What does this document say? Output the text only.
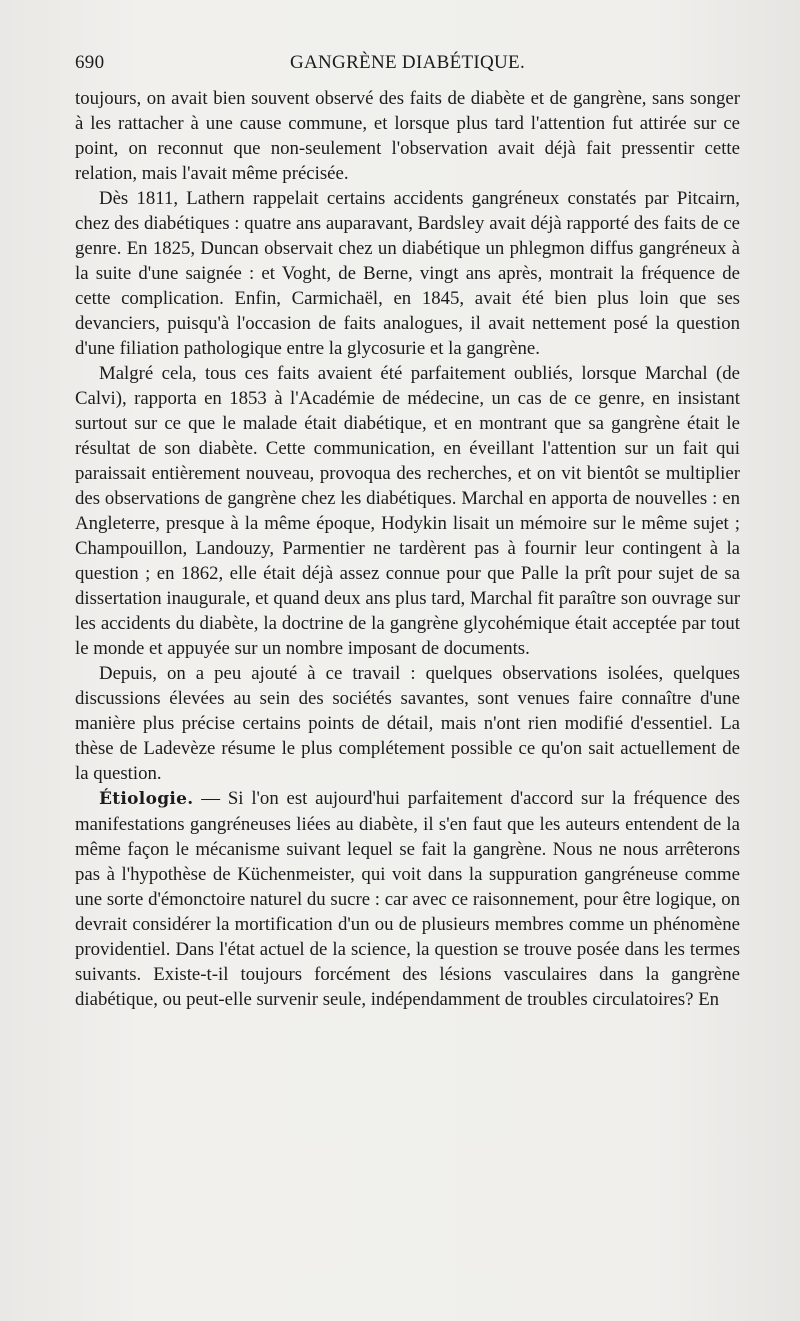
690	GANGRÈNE DIABÉTIQUE.

toujours, on avait bien souvent observé des faits de diabète et de gangrène, sans songer à les rattacher à une cause commune, et lorsque plus tard l'attention fut attirée sur ce point, on reconnut que non-seulement l'observation avait déjà fait pressentir cette relation, mais l'avait même précisée.

Dès 1811, Lathern rappelait certains accidents gangréneux constatés par Pitcairn, chez des diabétiques : quatre ans auparavant, Bardsley avait déjà rapporté des faits de ce genre. En 1825, Duncan observait chez un diabétique un phlegmon diffus gangréneux à la suite d'une saignée : et Voght, de Berne, vingt ans après, montrait la fréquence de cette complication. Enfin, Carmichaël, en 1845, avait été bien plus loin que ses devanciers, puisqu'à l'occasion de faits analogues, il avait nettement posé la question d'une filiation pathologique entre la glycosurie et la gangrène.

Malgré cela, tous ces faits avaient été parfaitement oubliés, lorsque Marchal (de Calvi), rapporta en 1853 à l'Académie de médecine, un cas de ce genre, en insistant surtout sur ce que le malade était diabétique, et en montrant que sa gangrène était le résultat de son diabète. Cette communication, en éveillant l'attention sur un fait qui paraissait entièrement nouveau, provoqua des recherches, et on vit bientôt se multiplier des observations de gangrène chez les diabétiques. Marchal en apporta de nouvelles : en Angleterre, presque à la même époque, Hodykin lisait un mémoire sur le même sujet ; Champouillon, Landouzy, Parmentier ne tardèrent pas à fournir leur contingent à la question ; en 1862, elle était déjà assez connue pour que Palle la prît pour sujet de sa dissertation inaugurale, et quand deux ans plus tard, Marchal fit paraître son ouvrage sur les accidents du diabète, la doctrine de la gangrène glycohémique était acceptée par tout le monde et appuyée sur un nombre imposant de documents.

Depuis, on a peu ajouté à ce travail : quelques observations isolées, quelques discussions élevées au sein des sociétés savantes, sont venues faire connaître d'une manière plus précise certains points de détail, mais n'ont rien modifié d'essentiel. La thèse de Ladevèze résume le plus complétement possible ce qu'on sait actuellement de la question.

Étiologie. — Si l'on est aujourd'hui parfaitement d'accord sur la fréquence des manifestations gangréneuses liées au diabète, il s'en faut que les auteurs entendent de la même façon le mécanisme suivant lequel se fait la gangrène. Nous ne nous arrêterons pas à l'hypothèse de Küchenmeister, qui voit dans la suppuration gangréneuse comme une sorte d'émonctoire naturel du sucre : car avec ce raisonnement, pour être logique, on devrait considérer la mortification d'un ou de plusieurs membres comme un phénomène providentiel. Dans l'état actuel de la science, la question se trouve posée dans les termes suivants. Existe-t-il toujours forcément des lésions vasculaires dans la gangrène diabétique, ou peut-elle survenir seule, indépendamment de troubles circulatoires? En
